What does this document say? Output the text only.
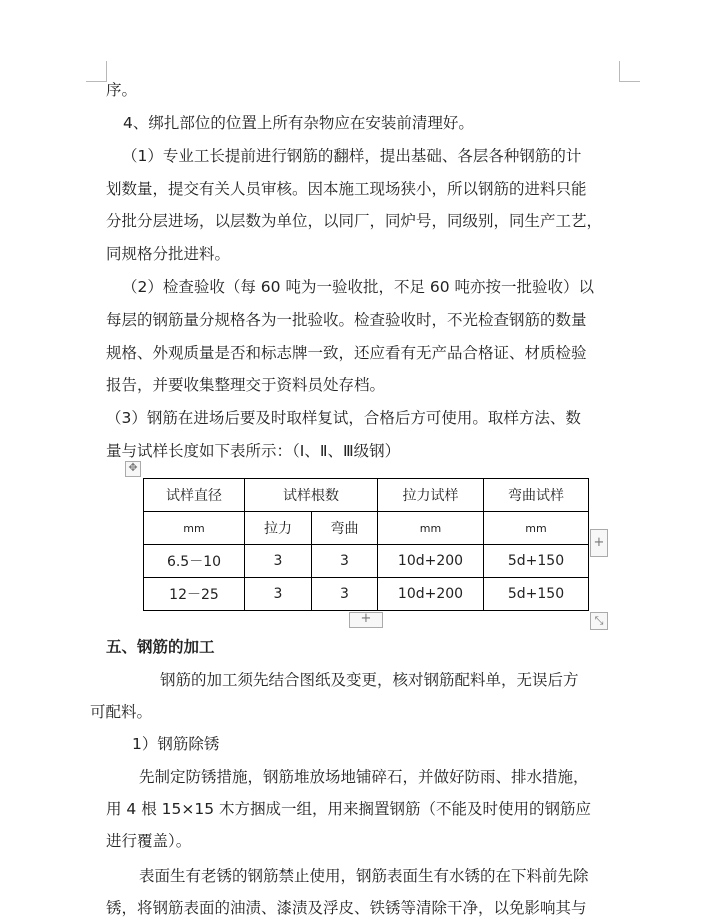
序。
4、绑扎部位的位置上所有杂物应在安装前清理好。
（1）专业工长提前进行钢筋的翻样，提出基础、各层各种钢筋的计
划数量，提交有关人员审核。因本施工现场狭小，所以钢筋的进料只能
分批分层进场，以层数为单位，以同厂，同炉号，同级别，同生产工艺，
同规格分批进料。
（2）检查验收（每 60 吨为一验收批，不足 60 吨亦按一批验收）以
每层的钢筋量分规格各为一批验收。检查验收时，不光检查钢筋的数量
规格、外观质量是否和标志牌一致，还应看有无产品合格证、材质检验
报告，并要收集整理交于资料员处存档。
（3）钢筋在进场后要及时取样复试，合格后方可使用。取样方法、数
量与试样长度如下表所示：（Ⅰ、Ⅱ、Ⅲ级钢）
✥
试样直径	试样根数		拉力试样	弯曲试样
mm	拉力	弯曲	mm	mm
6.5－10	3	3	10d+200	5d+150
12－25	3	3	10d+200	5d+150
+
+	⤡
五、钢筋的加工
钢筋的加工须先结合图纸及变更，核对钢筋配料单，无误后方
可配料。
1）钢筋除锈
先制定防锈措施，钢筋堆放场地铺碎石，并做好防雨、排水措施，
用 4 根 15×15 木方捆成一组，用来搁置钢筋（不能及时使用的钢筋应
进行覆盖）。
表面生有老锈的钢筋禁止使用，钢筋表面生有水锈的在下料前先除
锈，将钢筋表面的油渍、漆渍及浮皮、铁锈等清除干净，以免影响其与
